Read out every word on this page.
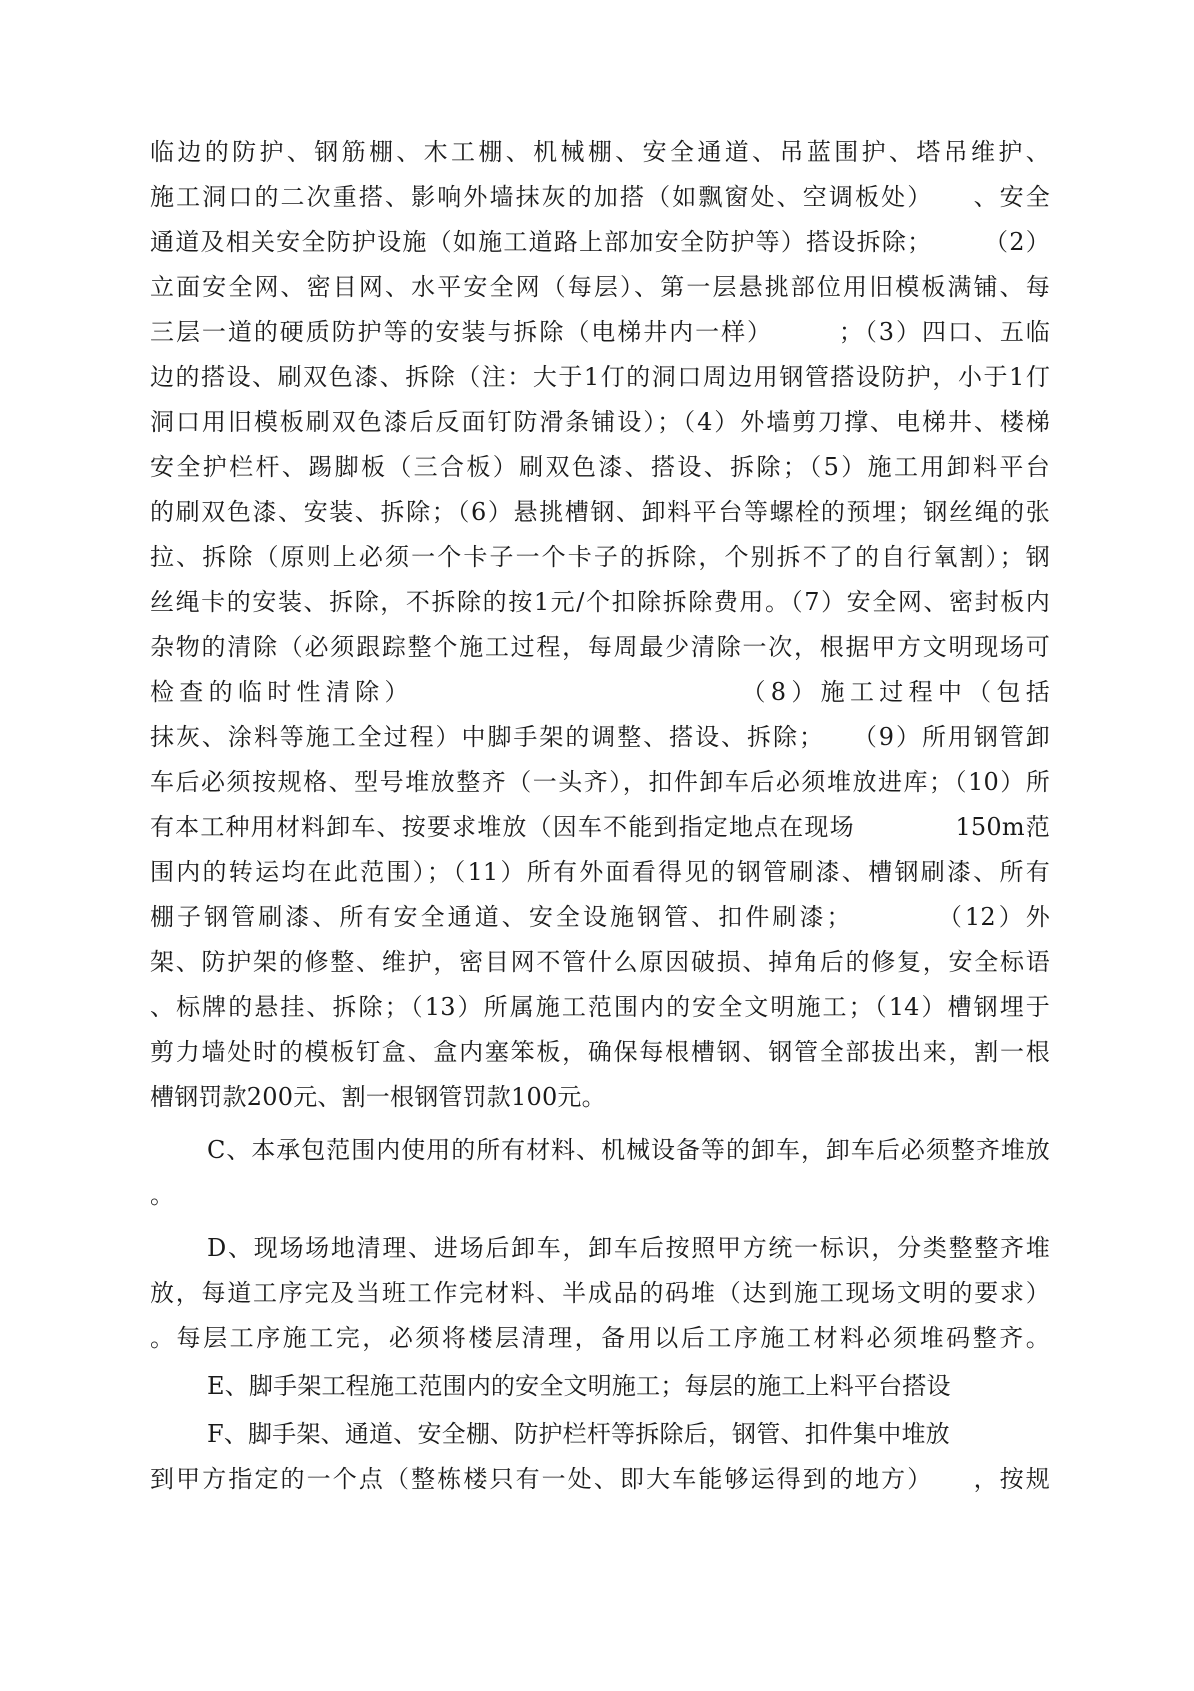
临边的防护、钢筋棚、木工棚、机械棚、安全通道、吊蓝围护、塔吊维护、
施工洞口的二次重搭、影响外墙抹灰的加搭（如飘窗处、空调板处）　　、安全
通道及相关安全防护设施（如施工道路上部加安全防护等）搭设拆除；　　　（2）
立面安全网、密目网、水平安全网（每层）、第一层悬挑部位用旧模板满铺、每
三层一道的硬质防护等的安装与拆除（电梯井内一样）　　　；（3）四口、五临
边的搭设、刷双色漆、拆除（注：大于1仃的洞口周边用钢管搭设防护，小于1仃
洞口用旧模板刷双色漆后反面钉防滑条铺设）；（4）外墙剪刀撑、电梯井、楼梯
安全护栏杆、踢脚板（三合板）刷双色漆、搭设、拆除；（5）施工用卸料平台
的刷双色漆、安装、拆除；（6）悬挑槽钢、卸料平台等螺栓的预埋；钢丝绳的张
拉、拆除（原则上必须一个卡子一个卡子的拆除，个别拆不了的自行氧割）；钢
丝绳卡的安装、拆除，不拆除的按1元/个扣除拆除费用。（7）安全网、密封板内
杂物的清除（必须跟踪整个施工过程，每周最少清除一次，根据甲方文明现场可
检查的临时性清除）　　　　　　　　　　　　（8）施工过程中（包括
抹灰、涂料等施工全过程）中脚手架的调整、搭设、拆除；　　（9）所用钢管卸
车后必须按规格、型号堆放整齐（一头齐），扣件卸车后必须堆放进库；（10）所
有本工种用材料卸车、按要求堆放（因车不能到指定地点在现场　　　　150m范
围内的转运均在此范围）；（11）所有外面看得见的钢管刷漆、槽钢刷漆、所有
棚子钢管刷漆、所有安全通道、安全设施钢管、扣件刷漆；　　　　（12）外
架、防护架的修整、维护，密目网不管什么原因破损、掉角后的修复，安全标语
、标牌的悬挂、拆除；（13）所属施工范围内的安全文明施工；（14）槽钢埋于
剪力墙处时的模板钉盒、盒内塞笨板，确保每根槽钢、钢管全部拔出来，割一根
槽钢罚款200元、割一根钢管罚款100元。
C、本承包范围内使用的所有材料、机械设备等的卸车，卸车后必须整齐堆放
。
D、现场场地清理、进场后卸车，卸车后按照甲方统一标识，分类整整齐堆
放，每道工序完及当班工作完材料、半成品的码堆（达到施工现场文明的要求）
。每层工序施工完，必须将楼层清理，备用以后工序施工材料必须堆码整齐。
E、脚手架工程施工范围内的安全文明施工；每层的施工上料平台搭设
F、脚手架、通道、安全棚、防护栏杆等拆除后，钢管、扣件集中堆放
到甲方指定的一个点（整栋楼只有一处、即大车能够运得到的地方）　　，按规
